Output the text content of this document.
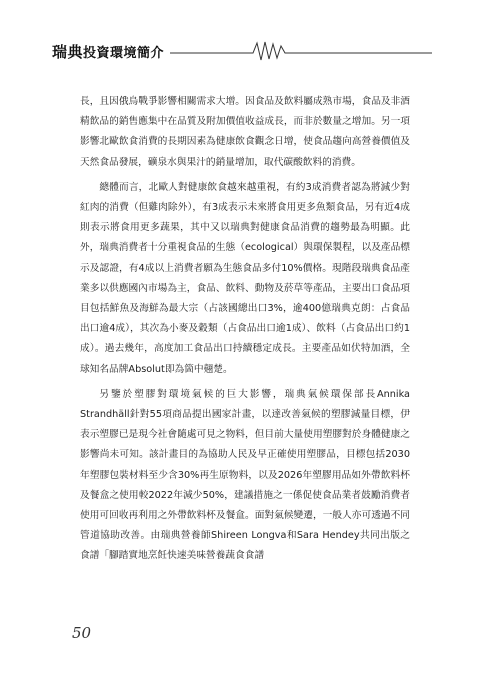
瑞典投資環境簡介

長，且因俄烏戰爭影響相關需求大增。因食品及飲料屬成熟市場，食品及非酒精飲品的銷售應集中在品質及附加價值收益成長，而非於數量之增加。另一項影響北歐飲食消費的長期因素為健康飲食觀念日增，使食品趨向高營養價值及天然食品發展，礦泉水與果汁的銷量增加，取代碳酸飲料的消費。

總體而言，北歐人對健康飲食越來越重視，有約3成消費者認為將減少對紅肉的消費（但雞肉除外），有3成表示未來將食用更多魚類食品，另有近4成則表示將食用更多蔬果，其中又以瑞典對健康食品消費的趨勢最為明顯。此外，瑞典消費者十分重視食品的生態（ecological）與環保製程，以及產品標示及認證，有4成以上消費者願為生態食品多付10%價格。現階段瑞典食品產業多以供應國內市場為主，食品、飲料、動物及菸草等產品，主要出口食品項目包括鮮魚及海鮮為最大宗（占該國總出口3%，逾400億瑞典克朗：占食品出口逾4成），其次為小麥及穀類（占食品出口逾1成）、飲料（占食品出口約1成）。過去幾年，高度加工食品出口持續穩定成長。主要產品如伏特加酒，全球知名品牌Absolut即為箇中翹楚。

另鑒於塑膠對環境氣候的巨大影響，瑞典氣候環保部長Annika Strandhäll針對55項商品提出國家計畫，以達改善氣候的塑膠減量目標，伊表示塑膠已是現今社會隨處可見之物料，但目前大量使用塑膠對於身體健康之影響尚未可知。該計畫目的為協助人民及早正確使用塑膠品，目標包括2030年塑膠包裝材料至少含30%再生原物料，以及2026年塑膠用品如外帶飲料杯及餐盒之使用較2022年減少50%，建議措施之一係促使食品業者鼓勵消費者使用可回收再利用之外帶飲料杯及餐盒。面對氣候變遷，一般人亦可透過不同管道協助改善。由瑞典營養師Shireen Longva和Sara Hendey共同出版之食譜「腳踏實地烹飪快速美味營養蔬食食譜

50
